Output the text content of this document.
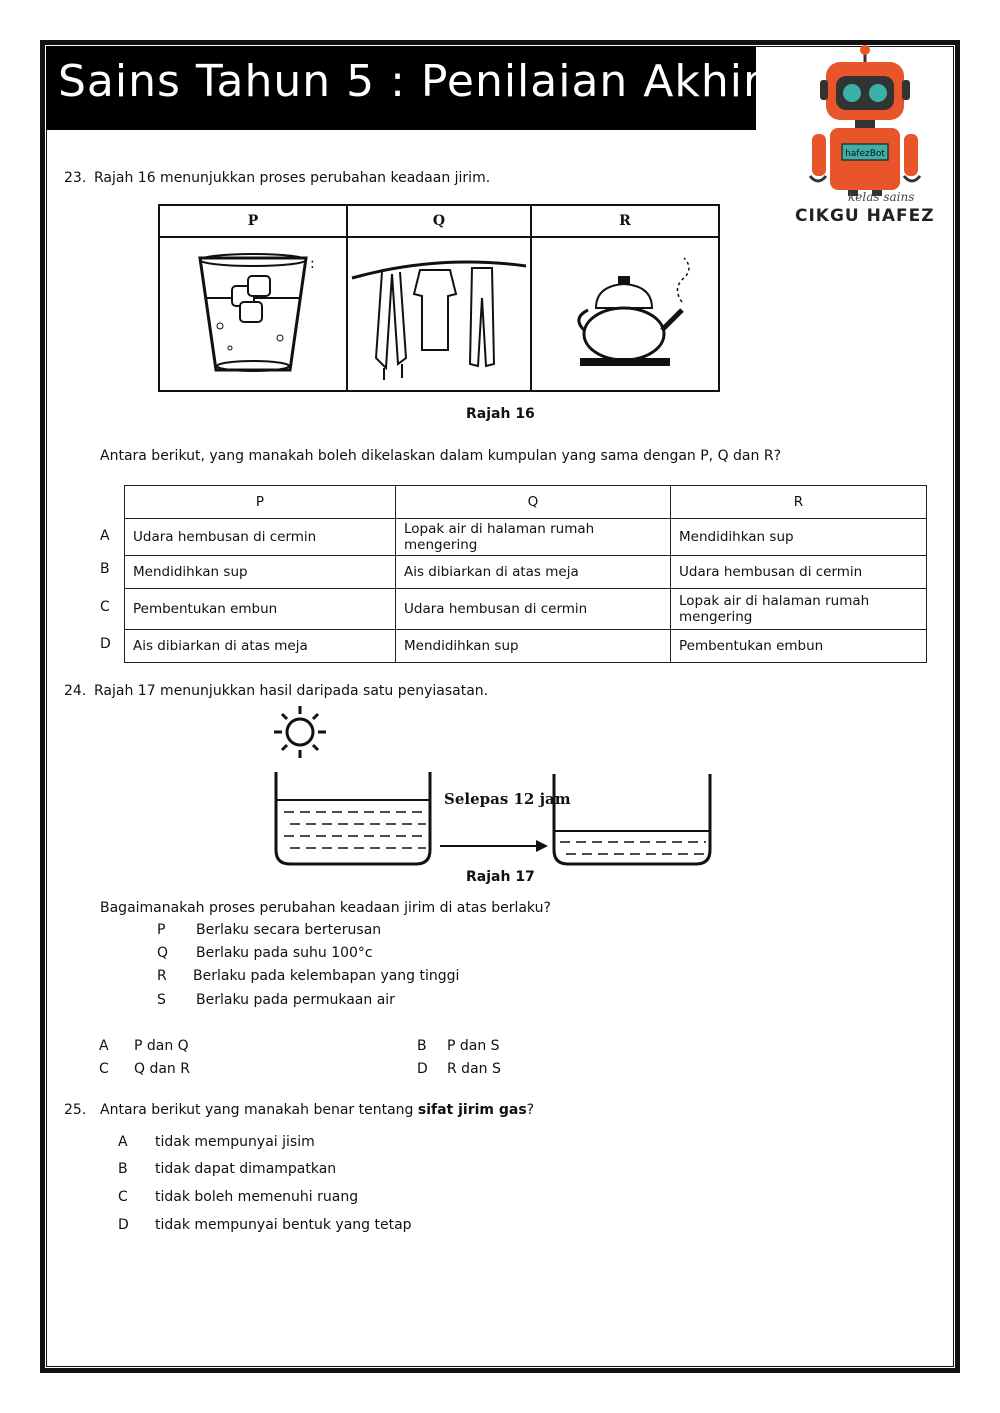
Sains Tahun 5 : Penilaian Akhir
hafezBot
kelas sains
CIKGU HAFEZ
23. Rajah 16 menunjukkan proses perubahan keadaan jirim.
P	Q	R

:

Rajah 16
Antara berikut, yang manakah boleh dikelaskan dalam kumpulan yang sama dengan P, Q dan R?
A
B
C
D
P	Q	R
Udara hembusan di cermin	Lopak air di halaman rumah mengering	Mendidihkan sup
Mendidihkan sup	Ais dibiarkan di atas meja	Udara hembusan di cermin
Pembentukan embun	Udara hembusan di cermin	Lopak air di halaman rumah mengering
Ais dibiarkan di atas meja	Mendidihkan sup	Pembentukan embun
24. Rajah 17 menunjukkan hasil daripada satu penyiasatan.
Selepas 12 jam
Rajah 17
Bagaimanakah proses perubahan keadaan jirim di atas berlaku?
P Berlaku secara berterusan
Q Berlaku pada suhu 100°c
R Berlaku pada kelembapan yang tinggi
S Berlaku pada permukaan air
A P dan Q	B P dan S
C Q dan R	D R dan S
25. Antara berikut yang manakah benar tentang sifat jirim gas?
A tidak mempunyai jisim
B tidak dapat dimampatkan
C tidak boleh memenuhi ruang
D tidak mempunyai bentuk yang tetap
